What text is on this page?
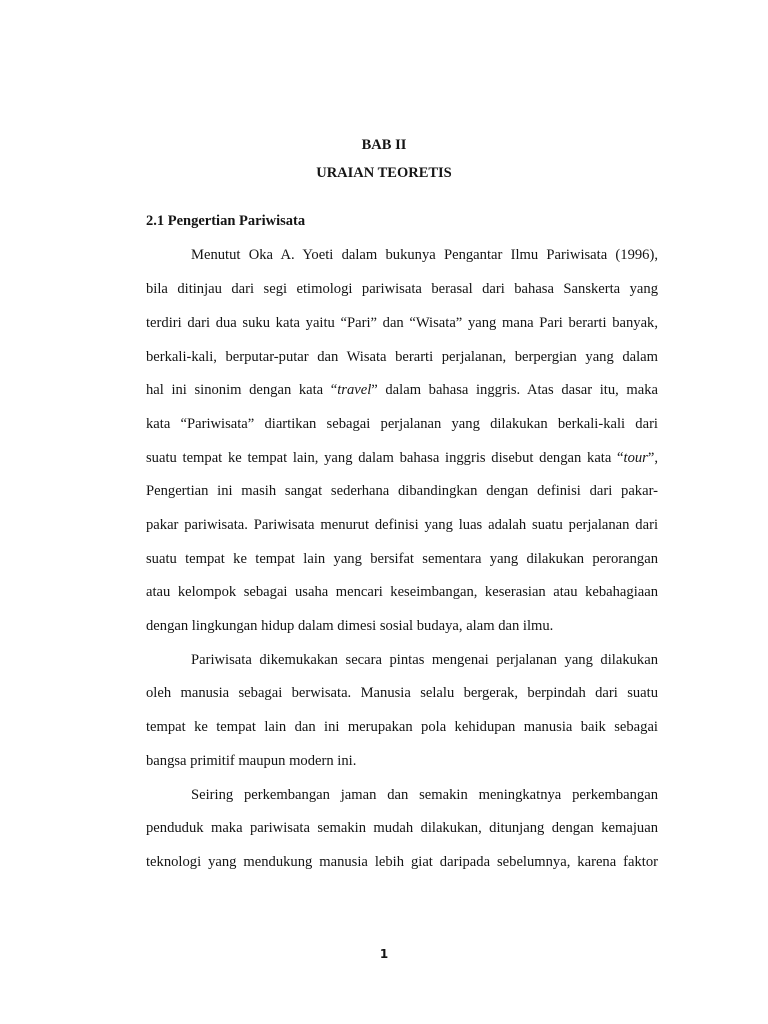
BAB II
URAIAN TEORETIS
2.1 Pengertian Pariwisata
Menutut Oka A. Yoeti dalam bukunya Pengantar Ilmu Pariwisata (1996),
bila ditinjau dari segi etimologi pariwisata berasal dari bahasa Sanskerta yang
terdiri dari dua suku kata yaitu “Pari” dan “Wisata” yang mana Pari berarti banyak,
berkali-kali, berputar-putar dan Wisata berarti perjalanan, berpergian yang dalam
hal ini sinonim dengan kata “travel” dalam bahasa inggris. Atas dasar itu, maka
kata “Pariwisata” diartikan sebagai perjalanan yang dilakukan berkali-kali dari
suatu tempat ke tempat lain, yang dalam bahasa inggris disebut dengan kata “tour”,
Pengertian ini masih sangat sederhana dibandingkan dengan definisi dari pakar-
pakar pariwisata. Pariwisata menurut definisi yang luas adalah suatu perjalanan dari
suatu tempat ke tempat lain yang bersifat sementara yang dilakukan perorangan
atau kelompok sebagai usaha mencari keseimbangan, keserasian atau kebahagiaan
dengan lingkungan hidup dalam dimesi sosial budaya, alam dan ilmu.
Pariwisata dikemukakan secara pintas mengenai perjalanan yang dilakukan
oleh manusia sebagai berwisata. Manusia selalu bergerak, berpindah dari suatu
tempat ke tempat lain dan ini merupakan pola kehidupan manusia baik sebagai
bangsa primitif maupun modern ini.
Seiring perkembangan jaman dan semakin meningkatnya perkembangan
penduduk maka pariwisata semakin mudah dilakukan, ditunjang dengan kemajuan
teknologi yang mendukung manusia lebih giat daripada sebelumnya, karena faktor
1
